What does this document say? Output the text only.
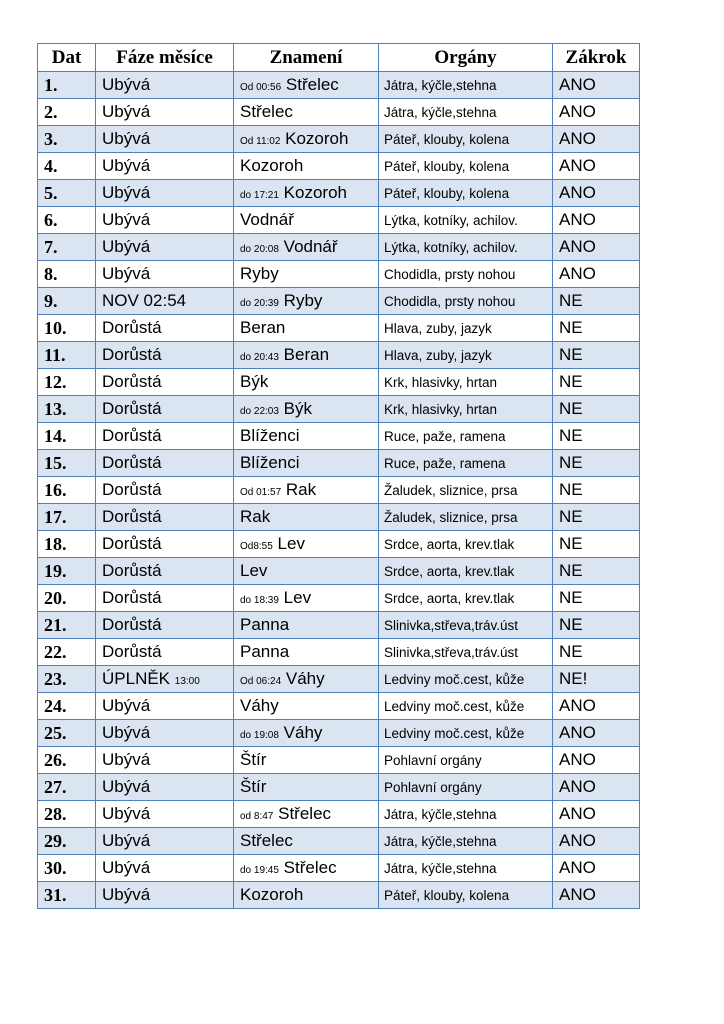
Dat	Fáze měsíce	Znamení	Orgány	Zákrok
1.	Ubývá	Od 00:56 Střelec	Játra, kýčle,stehna	ANO
2.	Ubývá	Střelec	Játra, kýčle,stehna	ANO
3.	Ubývá	Od 11:02 Kozoroh	Páteř, klouby, kolena	ANO
4.	Ubývá	Kozoroh	Páteř, klouby, kolena	ANO
5.	Ubývá	do 17:21 Kozoroh	Páteř, klouby, kolena	ANO
6.	Ubývá	Vodnář	Lýtka, kotníky, achilov.	ANO
7.	Ubývá	do 20:08 Vodnář	Lýtka, kotníky, achilov.	ANO
8.	Ubývá	Ryby	Chodidla, prsty nohou	ANO
9.	NOV 02:54	do 20:39 Ryby	Chodidla, prsty nohou	NE
10.	Dorůstá	Beran	Hlava, zuby, jazyk	NE
11.	Dorůstá	do 20:43 Beran	Hlava, zuby, jazyk	NE
12.	Dorůstá	Býk	Krk, hlasivky, hrtan	NE
13.	Dorůstá	do 22:03 Býk	Krk, hlasivky, hrtan	NE
14.	Dorůstá	Blíženci	Ruce, paže, ramena	NE
15.	Dorůstá	Blíženci	Ruce, paže, ramena	NE
16.	Dorůstá	Od 01:57 Rak	Žaludek, sliznice, prsa	NE
17.	Dorůstá	Rak	Žaludek, sliznice, prsa	NE
18.	Dorůstá	Od8:55 Lev	Srdce, aorta, krev.tlak	NE
19.	Dorůstá	Lev	Srdce, aorta, krev.tlak	NE
20.	Dorůstá	do 18:39 Lev	Srdce, aorta, krev.tlak	NE
21.	Dorůstá	Panna	Slinivka,střeva,tráv.úst	NE
22.	Dorůstá	Panna	Slinivka,střeva,tráv.úst	NE
23.	ÚPLNĚK 13:00	Od 06:24 Váhy	Ledviny moč.cest, kůže	NE!
24.	Ubývá	Váhy	Ledviny moč.cest, kůže	ANO
25.	Ubývá	do 19:08 Váhy	Ledviny moč.cest, kůže	ANO
26.	Ubývá	Štír	Pohlavní orgány	ANO
27.	Ubývá	Štír	Pohlavní orgány	ANO
28.	Ubývá	od 8:47 Střelec	Játra, kýčle,stehna	ANO
29.	Ubývá	Střelec	Játra, kýčle,stehna	ANO
30.	Ubývá	do 19:45 Střelec	Játra, kýčle,stehna	ANO
31.	Ubývá	Kozoroh	Páteř, klouby, kolena	ANO
